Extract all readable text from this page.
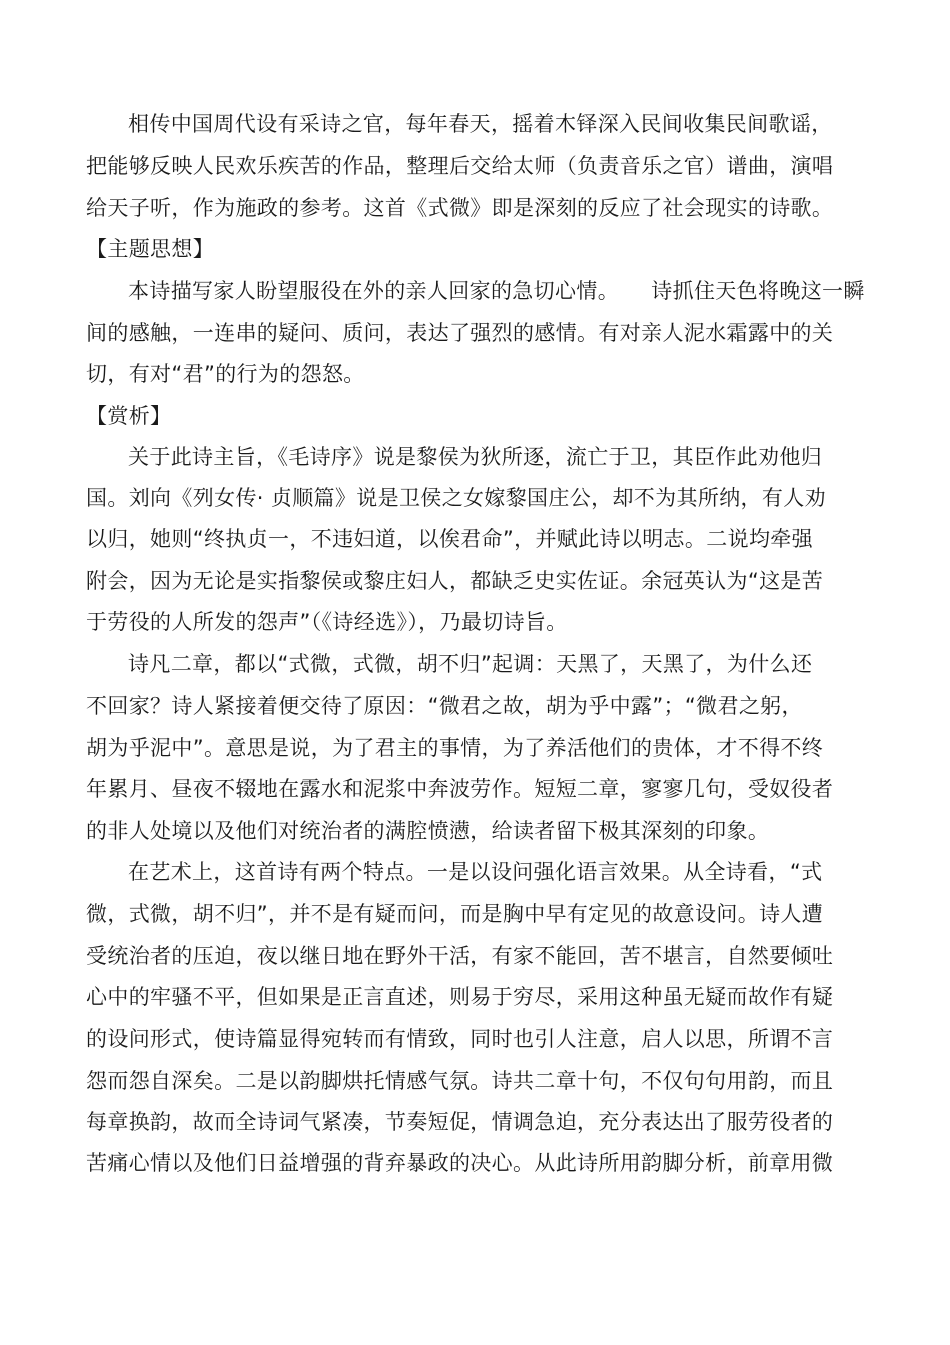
相传中国周代设有采诗之官，每年春天，摇着木铎深入民间收集民间歌谣，
把能够反映人民欢乐疾苦的作品，整理后交给太师（负责音乐之官）谱曲，演唱
给天子听，作为施政的参考。这首《式微》即是深刻的反应了社会现实的诗歌。
【主题思想】
本诗描写家人盼望服役在外的亲人回家的急切心情。　　诗抓住天色将晚这一瞬
间的感触，一连串的疑问、质问，表达了强烈的感情。有对亲人泥水霜露中的关
切，有对“君”的行为的怨怒。
【赏析】
关于此诗主旨，《毛诗序》说是黎侯为狄所逐，流亡于卫，其臣作此劝他归
国。刘向《列女传· 贞顺篇》说是卫侯之女嫁黎国庄公，却不为其所纳，有人劝
以归，她则“终执贞一，不违妇道，以俟君命”，并赋此诗以明志。二说均牵强
附会，因为无论是实指黎侯或黎庄妇人，都缺乏史实佐证。余冠英认为“这是苦
于劳役的人所发的怨声”（《诗经选》），乃最切诗旨。
诗凡二章，都以“式微，式微，胡不归”起调：天黑了，天黑了，为什么还
不回家？诗人紧接着便交待了原因：“微君之故，胡为乎中露”；“微君之躬，
胡为乎泥中”。意思是说，为了君主的事情，为了养活他们的贵体，才不得不终
年累月、昼夜不辍地在露水和泥浆中奔波劳作。短短二章，寥寥几句，受奴役者
的非人处境以及他们对统治者的满腔愤懑，给读者留下极其深刻的印象。
在艺术上，这首诗有两个特点。一是以设问强化语言效果。从全诗看，“式
微，式微，胡不归”，并不是有疑而问，而是胸中早有定见的故意设问。诗人遭
受统治者的压迫，夜以继日地在野外干活，有家不能回，苦不堪言，自然要倾吐
心中的牢骚不平，但如果是正言直述，则易于穷尽，采用这种虽无疑而故作有疑
的设问形式，使诗篇显得宛转而有情致，同时也引人注意，启人以思，所谓不言
怨而怨自深矣。二是以韵脚烘托情感气氛。诗共二章十句，不仅句句用韵，而且
每章换韵，故而全诗词气紧凑，节奏短促，情调急迫，充分表达出了服劳役者的
苦痛心情以及他们日益增强的背弃暴政的决心。从此诗所用韵脚分析，前章用微
